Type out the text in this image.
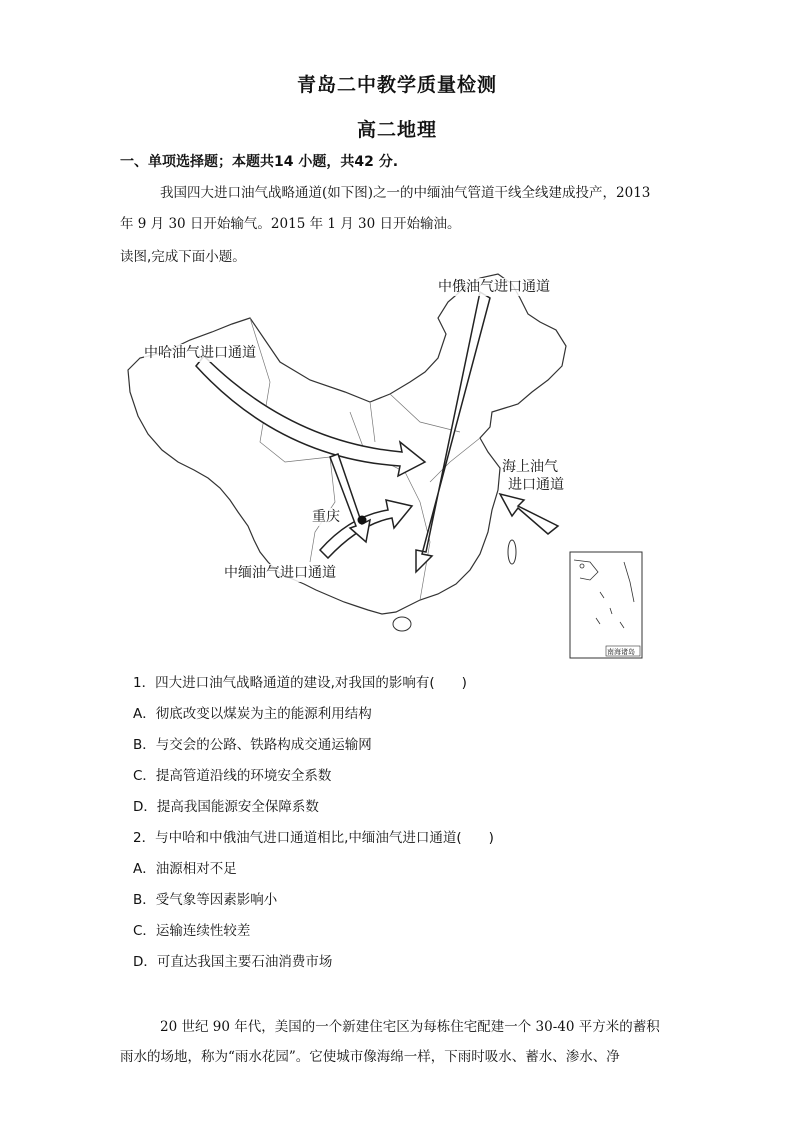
青岛二中教学质量检测
高二地理
一、单项选择题；本题共14 小题，共42 分.
我国四大进口油气战略通道(如下图)之一的中缅油气管道干线全线建成投产，2013
年 9 月 30 日开始输气。2015 年 1 月 30 日开始输油。
读图,完成下面小题。
中俄油气进口通道
中哈油气进口通道
海上油气
进口通道
重庆
中缅油气进口通道
南海诸岛
1．四大进口油气战略通道的建设,对我国的影响有(　　)
A．彻底改变以煤炭为主的能源利用结构
B．与交会的公路、铁路构成交通运输网
C．提高管道沿线的环境安全系数
D．提高我国能源安全保障系数
2．与中哈和中俄油气进口通道相比,中缅油气进口通道(　　)
A．油源相对不足
B．受气象等因素影响小
C．运输连续性较差
D．可直达我国主要石油消费市场
20 世纪 90 年代，美国的一个新建住宅区为每栋住宅配建一个 30-40 平方米的蓄积
雨水的场地，称为“雨水花园”。它使城市像海绵一样，下雨时吸水、蓄水、渗水、净
